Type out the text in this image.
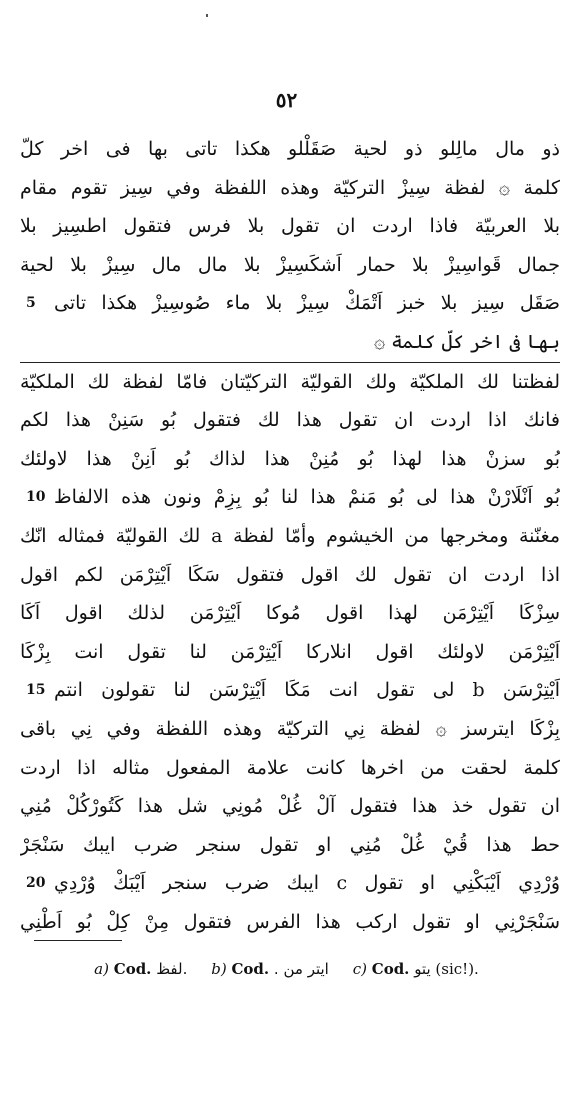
٥٢
ذو مال مالِلو ذو لحية صَقَلْلو هكذا تاتى بها فى اخر كلّ
كلمة ۞ لفظة سِيزْ التركيّة وهذه اللفظة وفي سِيز تقوم مقام
بلا العربيّة فاذا اردت ان تقول بلا فرس فتقول اطسِيز بلا
جمال قَواسِيزْ بلا حمار اَشكَسِيزْ بلا مال مال سِيزْ بلا لحية
صَقَل سِيز بلا خبز اَتْمَكْ سِيزْ بلا ماء صُوسِيزْ هكذا تاتى
5
بها فى اخر كلّ كلمة ۞
لفظتنا لك الملكيّة ولك القوليّة التركيّتان فامّا لفظة لك الملكيّة
فانك اذا اردت ان تقول هذا لك فتقول بُو سَنِنْ هذا لكم
بُو سزنْ هذا لهذا بُو مُنِنْ هذا لذاك بُو اَنِنْ هذا لاولئك
بُو اَنْلَارْنْ هذا لى بُو مَنمْ هذا لنا بُو بِزِمْ ونون هذه الالفاظ
10
مغنّنة ومخرجها من الخيشوم وأمّا لفظة a لك القوليّة فمثاله انّك
اذا اردت ان تقول لك اقول فتقول سَكَا اَيْتِرْمَن لكم اقول
سِزْكَا اَيْتِرْمَن لهذا اقول مُوكا اَيْتِرْمَن لذلك اقول اَكَا
اَيْتِرْمَن لاولئك اقول انلاركا اَيْتِرْمَن لنا تقول انت بِزْكَا
اَيْتِرْسَن b لى تقول انت مَكَا اَيْتِرْسَن لنا تقولون انتم
15
بِزْكَا ايترسز ۞ لفظة نِي التركيّة وهذه اللفظة وفي نِي باقى
كلمة لحقت من اخرها كانت علامة المفعول مثاله اذا اردت
ان تقول خذ هذا فتقول آلْ غُلْ مُونِي شل هذا كَتُورْكُلْ مُنِي
حط هذا قُيْ غُلْ مُنِي او تقول سنجر ضرب ايبك سَنْجَرْ
وُرْدِي اَيْبَكْنِي او تقول c ايبك ضرب سنجر اَيْبَكْ وُرْدِي
20
سَنْجَرْنِي او تقول اركب هذا الفرس فتقول مِنْ كِلْ بُو اَطْنِي
a) Cod. لفظ. b) Cod. . ايتر من c) Cod. يتو (sic!).
